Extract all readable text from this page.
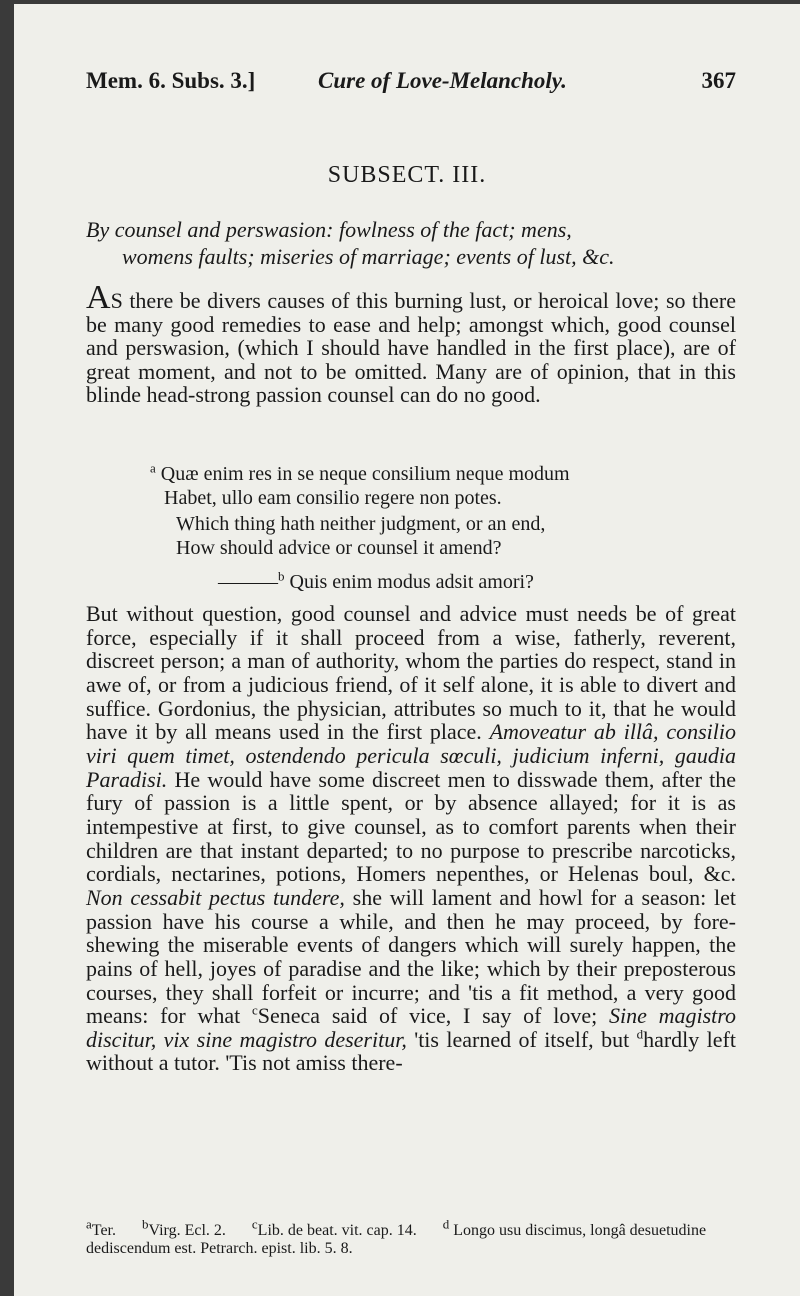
Mem. 6. Subs. 3.]	Cure of Love-Melancholy.	367
SUBSECT. III.
By counsel and perswasion: fowlness of the fact; mens,
womens faults; miseries of marriage; events of lust, &c.
AS there be divers causes of this burning lust, or heroical love; so there be many good remedies to ease and help; amongst which, good counsel and perswasion, (which I should have handled in the first place), are of great moment, and not to be omitted. Many are of opinion, that in this blinde head-strong passion counsel can do no good.
$^a$ Quæ enim res in se neque consilium neque modum
Habet, ullo eam consilio regere non potes.
Which thing hath neither judgment, or an end,
How should advice or counsel it amend?
———$^b$ Quis enim modus adsit amori?
But without question, good counsel and advice must needs be of great force, especially if it shall proceed from a wise, fatherly, reverent, discreet person; a man of authority, whom the parties do respect, stand in awe of, or from a judicious friend, of it self alone, it is able to divert and suffice. Gordonius, the physician, attributes so much to it, that he would have it by all means used in the first place. Amoveatur ab illâ, consilio viri quem timet, ostendendo pericula sœculi, judicium inferni, gaudia Paradisi. He would have some discreet men to disswade them, after the fury of passion is a little spent, or by absence allayed; for it is as intempestive at first, to give counsel, as to comfort parents when their children are that instant departed; to no purpose to prescribe narcoticks, cordials, nectarines, potions, Homers nepenthes, or Helenas boul, &c. Non cessabit pectus tundere, she will lament and howl for a season: let passion have his course a while, and then he may proceed, by fore-shewing the miserable events of dangers which will surely happen, the pains of hell, joyes of paradise and the like; which by their preposterous courses, they shall forfeit or incurre; and 'tis a fit method, a very good means: for what $^c$Seneca said of vice, I say of love; Sine magistro discitur, vix sine magistro deseritur, 'tis learned of itself, but $^d$hardly left without a tutor. 'Tis not amiss there-
$^a$Ter. $^b$Virg. Ecl. 2. $^c$Lib. de beat. vit. cap. 14. $^d$ Longo usu discimus, longâ desuetudine dediscendum est. Petrarch. epist. lib. 5. 8.
